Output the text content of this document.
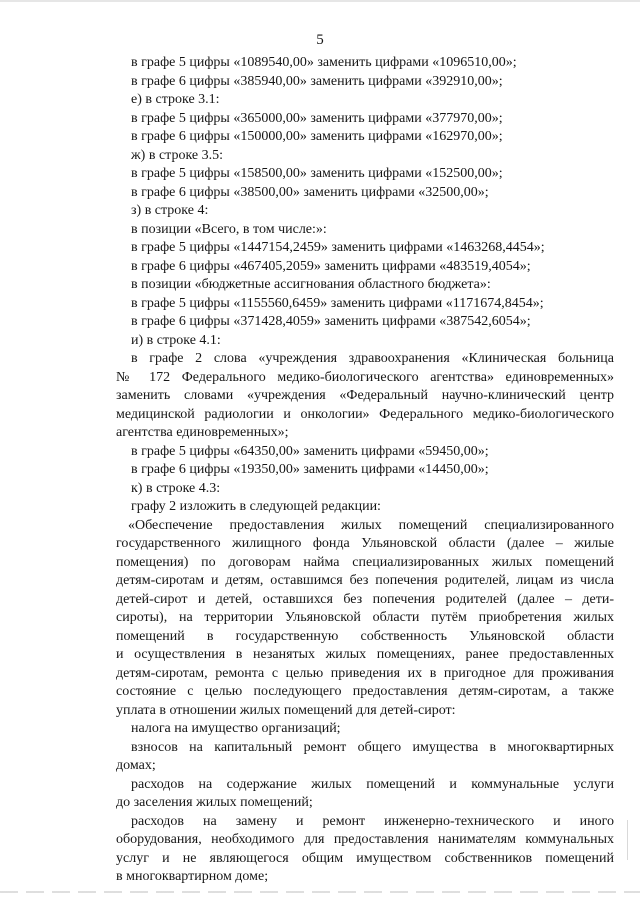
5
в графе 5 цифры «1089540,00» заменить цифрами «1096510,00»;
в графе 6 цифры «385940,00» заменить цифрами «392910,00»;
е) в строке 3.1:
в графе 5 цифры «365000,00» заменить цифрами «377970,00»;
в графе 6 цифры «150000,00» заменить цифрами «162970,00»;
ж) в строке 3.5:
в графе 5 цифры «158500,00» заменить цифрами «152500,00»;
в графе 6 цифры «38500,00» заменить цифрами «32500,00»;
з) в строке 4:
в позиции «Всего, в том числе:»:
в графе 5 цифры «1447154,2459» заменить цифрами «1463268,4454»;
в графе 6 цифры «467405,2059» заменить цифрами «483519,4054»;
в позиции «бюджетные ассигнования областного бюджета»:
в графе 5 цифры «1155560,6459» заменить цифрами «1171674,8454»;
в графе 6 цифры «371428,4059» заменить цифрами «387542,6054»;
и) в строке 4.1:
в графе 2 слова «учреждения здравоохранения «Клиническая больница
№ 172 Федерального медико-биологического агентства» единовременных»
заменить словами «учреждения «Федеральный научно-клинический центр
медицинской радиологии и онкологии» Федерального медико-биологического
агентства единовременных»;
в графе 5 цифры «64350,00» заменить цифрами «59450,00»;
в графе 6 цифры «19350,00» заменить цифрами «14450,00»;
к) в строке 4.3:
графу 2 изложить в следующей редакции:
«Обеспечение предоставления жилых помещений специализированного
государственного жилищного фонда Ульяновской области (далее – жилые
помещения) по договорам найма специализированных жилых помещений
детям-сиротам и детям, оставшимся без попечения родителей, лицам из числа
детей-сирот и детей, оставшихся без попечения родителей (далее – дети-
сироты), на территории Ульяновской области путём приобретения жилых
помещений в государственную собственность Ульяновской области
и осуществления в незанятых жилых помещениях, ранее предоставленных
детям-сиротам, ремонта с целью приведения их в пригодное для проживания
состояние с целью последующего предоставления детям-сиротам, а также
уплата в отношении жилых помещений для детей-сирот:
налога на имущество организаций;
взносов на капитальный ремонт общего имущества в многоквартирных
домах;
расходов на содержание жилых помещений и коммунальные услуги
до заселения жилых помещений;
расходов на замену и ремонт инженерно-технического и иного
оборудования, необходимого для предоставления нанимателям коммунальных
услуг и не являющегося общим имуществом собственников помещений
в многоквартирном доме;
